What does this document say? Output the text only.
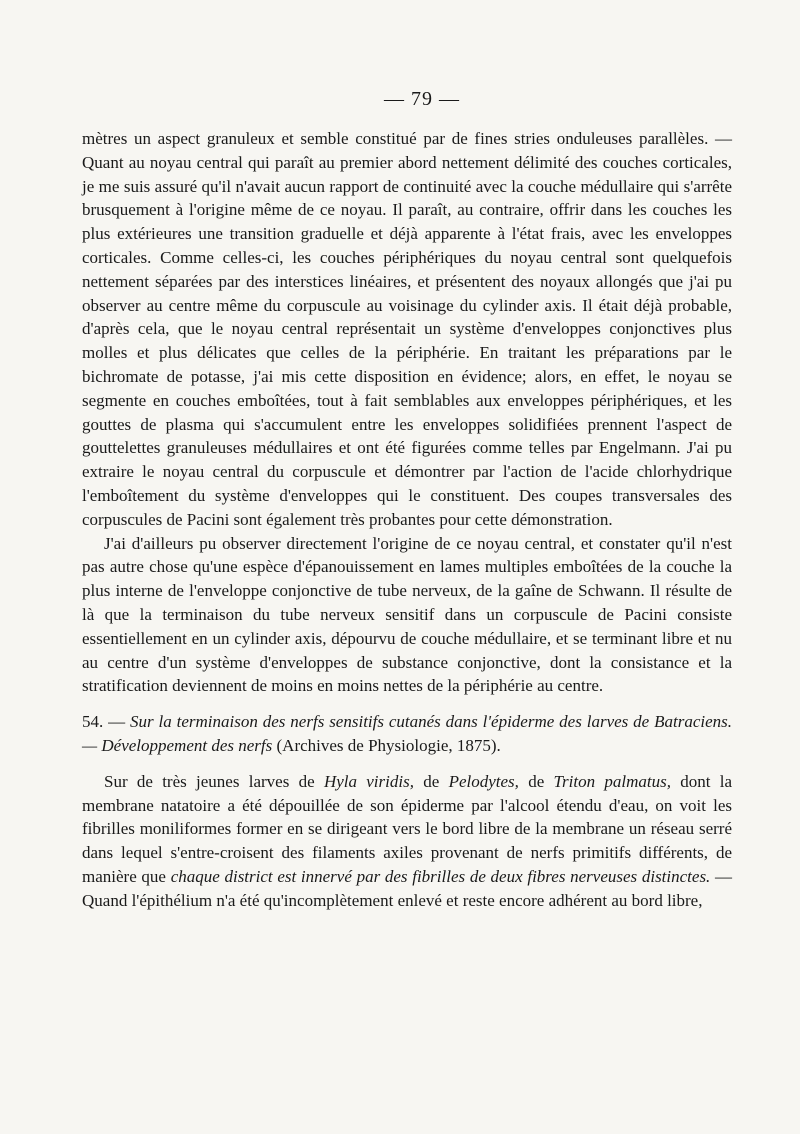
— 79 —

mètres un aspect granuleux et semble constitué par de fines stries onduleuses parallèles. — Quant au noyau central qui paraît au premier abord nettement délimité des couches corticales, je me suis assuré qu'il n'avait aucun rapport de continuité avec la couche médullaire qui s'arrête brusquement à l'origine même de ce noyau. Il paraît, au contraire, offrir dans les couches les plus extérieures une transition graduelle et déjà apparente à l'état frais, avec les enveloppes corticales. Comme celles-ci, les couches périphériques du noyau central sont quelquefois nettement séparées par des interstices linéaires, et présentent des noyaux allongés que j'ai pu observer au centre même du corpuscule au voisinage du cylinder axis. Il était déjà probable, d'après cela, que le noyau central représentait un système d'enveloppes conjonctives plus molles et plus délicates que celles de la périphérie. En traitant les préparations par le bichromate de potasse, j'ai mis cette disposition en évidence; alors, en effet, le noyau se segmente en couches emboîtées, tout à fait semblables aux enveloppes périphériques, et les gouttes de plasma qui s'accumulent entre les enveloppes solidifiées prennent l'aspect de gouttelettes granuleuses médullaires et ont été figurées comme telles par Engelmann. J'ai pu extraire le noyau central du corpuscule et démontrer par l'action de l'acide chlorhydrique l'emboîtement du système d'enveloppes qui le constituent. Des coupes transversales des corpuscules de Pacini sont également très probantes pour cette démonstration.

J'ai d'ailleurs pu observer directement l'origine de ce noyau central, et constater qu'il n'est pas autre chose qu'une espèce d'épanouissement en lames multiples emboîtées de la couche la plus interne de l'enveloppe conjonctive de tube nerveux, de la gaîne de Schwann. Il résulte de là que la terminaison du tube nerveux sensitif dans un corpuscule de Pacini consiste essentiellement en un cylinder axis, dépourvu de couche médullaire, et se terminant libre et nu au centre d'un système d'enveloppes de substance conjonctive, dont la consistance et la stratification deviennent de moins en moins nettes de la périphérie au centre.

54. — Sur la terminaison des nerfs sensitifs cutanés dans l'épiderme des larves de Batraciens. — Développement des nerfs (Archives de Physiologie, 1875).

Sur de très jeunes larves de Hyla viridis, de Pelodytes, de Triton palmatus, dont la membrane natatoire a été dépouillée de son épiderme par l'alcool étendu d'eau, on voit les fibrilles moniliformes former en se dirigeant vers le bord libre de la membrane un réseau serré dans lequel s'entre-croisent des filaments axiles provenant de nerfs primitifs différents, de manière que chaque district est innervé par des fibrilles de deux fibres nerveuses distinctes. — Quand l'épithélium n'a été qu'incomplètement enlevé et reste encore adhérent au bord libre,
